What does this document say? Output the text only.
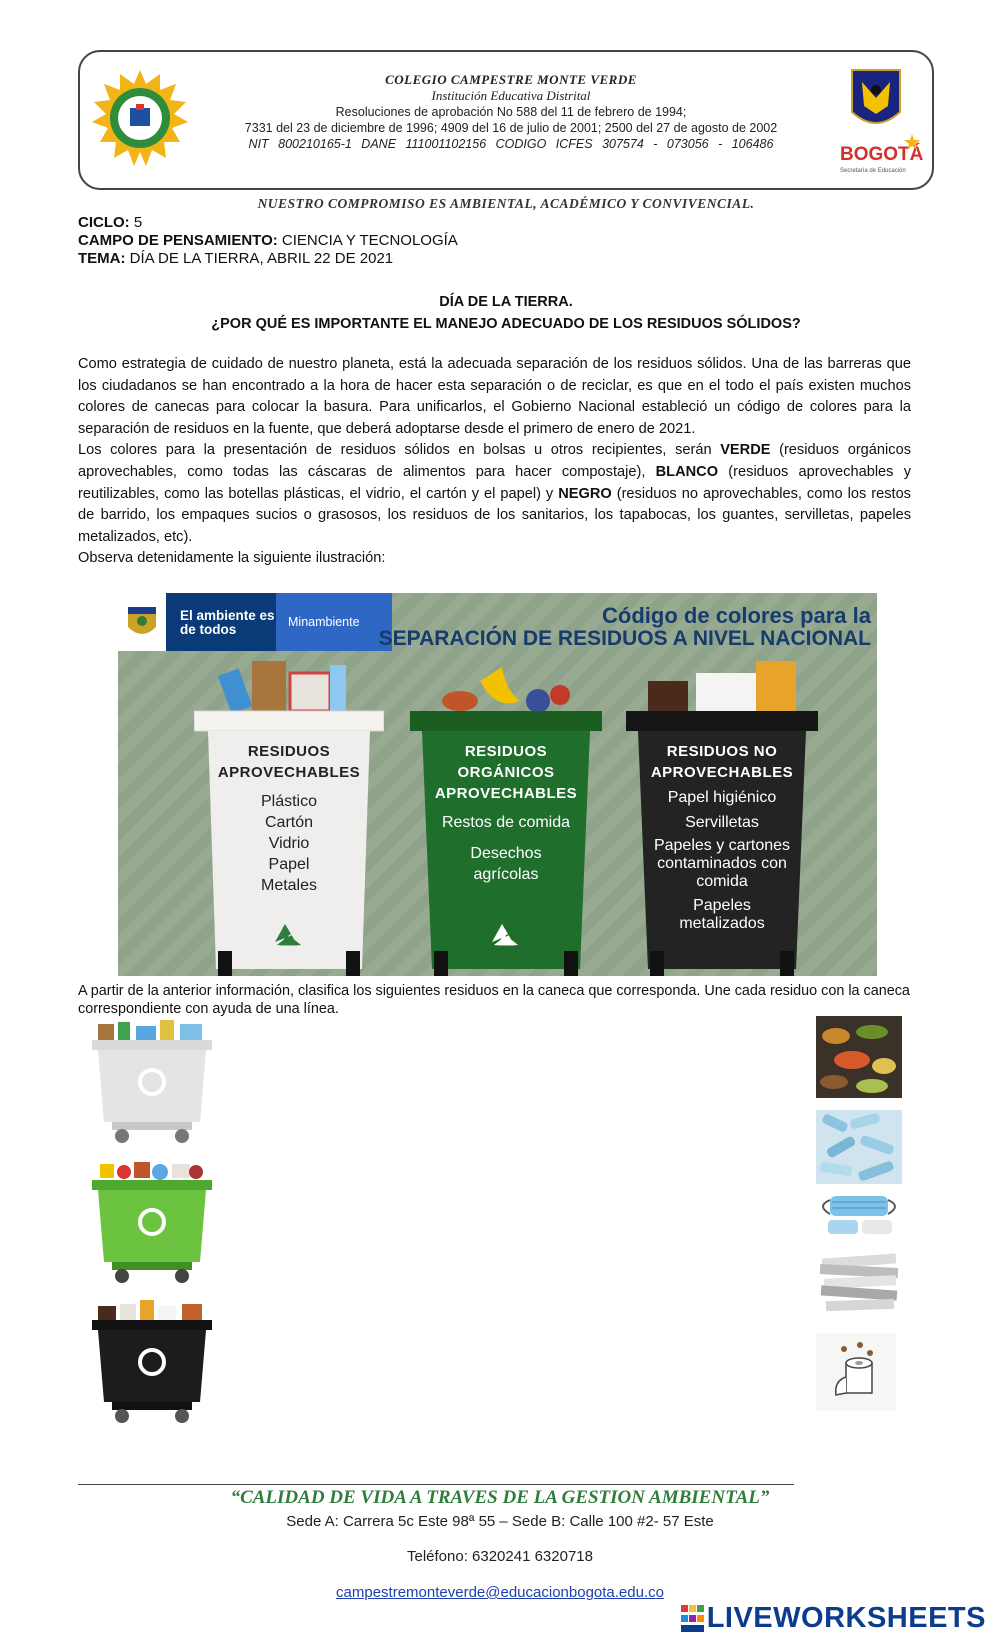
COLEGIO CAMPESTRE MONTE VERDE
Institución Educativa Distrital
Resoluciones de aprobación No 588 del 11 de febrero de 1994;
7331 del 23 de diciembre de 1996; 4909 del 16 de julio de 2001; 2500 del 27 de agosto de 2002
NIT 800210165-1 DANE 111001102156 CODIGO ICFES 307574 - 073056 - 106486	BOGOTÁ
Secretaría de Educación
NUESTRO COMPROMISO ES AMBIENTAL, ACADÉMICO Y CONVIVENCIAL.
CICLO: 5
CAMPO DE PENSAMIENTO: CIENCIA Y TECNOLOGÍA
TEMA: DÍA DE LA TIERRA, ABRIL 22 DE 2021
DÍA DE LA TIERRA.
¿POR QUÉ ES IMPORTANTE EL MANEJO ADECUADO DE LOS RESIDUOS SÓLIDOS?

Como estrategia de cuidado de nuestro planeta, está la adecuada separación de los residuos sólidos. Una de las barreras que los ciudadanos se han encontrado a la hora de hacer esta separación o de reciclar, es que en el todo el país existen muchos colores de canecas para colocar la basura. Para unificarlos, el Gobierno Nacional estableció un código de colores para la separación de residuos en la fuente, que deberá adoptarse desde el primero de enero de 2021.

Los colores para la presentación de residuos sólidos en bolsas u otros recipientes, serán VERDE (residuos orgánicos aprovechables, como todas las cáscaras de alimentos para hacer compostaje), BLANCO (residuos aprovechables y reutilizables, como las botellas plásticas, el vidrio, el cartón y el papel) y NEGRO (residuos no aprovechables, como los restos de barrido, los empaques sucios o grasosos, los residuos de los sanitarios, los tapabocas, los guantes, servilletas, papeles metalizados, etc).

Observa detenidamente la siguiente ilustración:

El ambiente es de todos	Minambiente	Código de colores para la
SEPARACIÓN DE RESIDUOS A NIVEL NACIONAL
RESIDUOS
APROVECHABLES
Plástico
Cartón
Vidrio
Papel
Metales
RESIDUOS
ORGÁNICOS
APROVECHABLES
Restos de comida
Desechos agrícolas
RESIDUOS NO
APROVECHABLES
Papel higiénico
Servilletas
Papeles y cartones contaminados con comida
Papeles metalizados
A partir de la anterior información, clasifica los siguientes residuos en la caneca que corresponda. Une cada residuo con la caneca correspondiente con ayuda de una línea.
“CALIDAD DE VIDA A TRAVES DE LA GESTION AMBIENTAL”
Sede A: Carrera 5c Este 98ª 55 – Sede B: Calle 100 #2- 57 Este
Teléfono: 6320241 6320718
campestremonteverde@educacionbogota.edu.co
LIVEWORKSHEETS
